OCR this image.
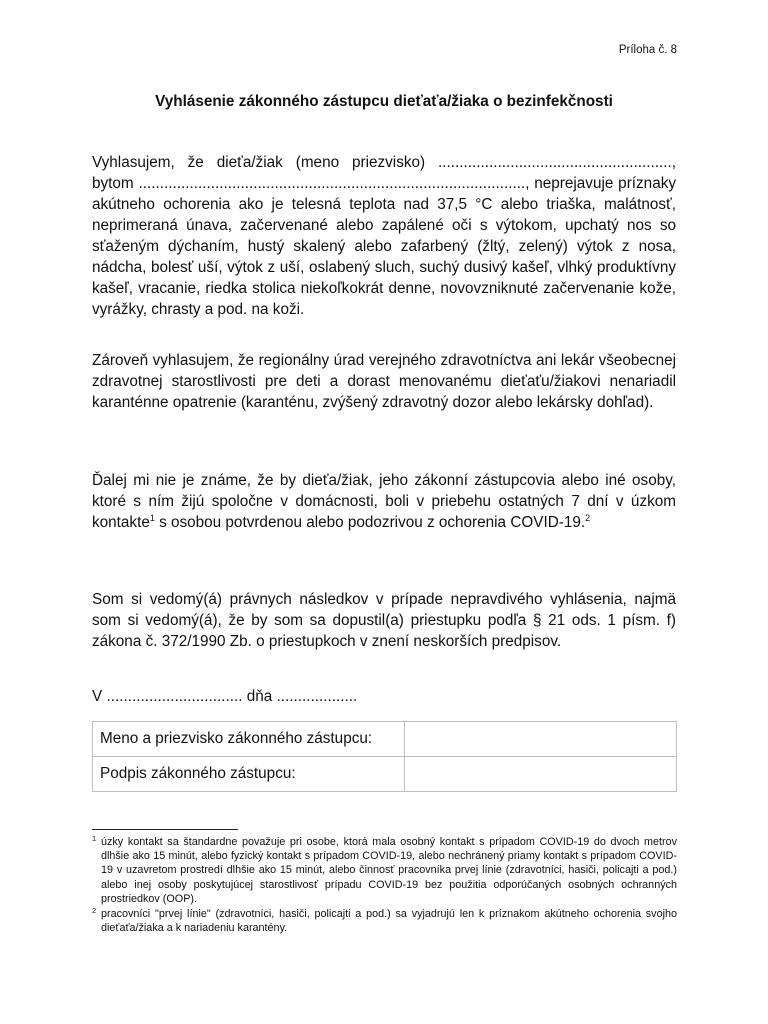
Príloha č. 8
Vyhlásenie zákonného zástupcu dieťaťa/žiaka o bezinfekčnosti

Vyhlasujem, že dieťa/žiak (meno priezvisko) ......................................................., bytom ..........................................................................................., neprejavuje príznaky akútneho ochorenia ako je telesná teplota nad 37,5 °C alebo triaška, malátnosť, neprimeraná únava, začervenané alebo zapálené oči s výtokom, upchatý nos so sťaženým dýchaním, hustý skalený alebo zafarbený (žltý, zelený) výtok z nosa, nádcha, bolesť uší, výtok z uší, oslabený sluch, suchý dusivý kašeľ, vlhký produktívny kašeľ, vracanie, riedka stolica niekoľkokrát denne, novovzniknuté začervenanie kože, vyrážky, chrasty a pod. na koži.

Zároveň vyhlasujem, že regionálny úrad verejného zdravotníctva ani lekár všeobecnej zdravotnej starostlivosti pre deti a dorast menovanému dieťaťu/žiakovi nenariadil karanténne opatrenie (karanténu, zvýšený zdravotný dozor alebo lekársky dohľad).

Ďalej mi nie je známe, že by dieťa/žiak, jeho zákonní zástupcovia alebo iné osoby, ktoré s ním žijú spoločne v domácnosti, boli v priebehu ostatných 7 dní v úzkom kontakte$^1$ s osobou potvrdenou alebo podozrivou z ochorenia COVID-19.$^2$

Som si vedomý(á) právnych následkov v prípade nepravdivého vyhlásenia, najmä som si vedomý(á), že by som sa dopustil(a) priestupku podľa § 21 ods. 1 písm. f) zákona č. 372/1990 Zb. o priestupkoch v znení neskorších predpisov.

V ................................ dňa ...................

Meno a priezvisko zákonného zástupcu:	
Podpis zákonného zástupcu:	
1 úzky kontakt sa štandardne považuje pri osobe, ktorá mala osobný kontakt s prípadom COVID-19 do dvoch metrov dlhšie ako 15 minút, alebo fyzický kontakt s prípadom COVID-19, alebo nechránený priamy kontakt s prípadom COVID-19 v uzavretom prostredí dlhšie ako 15 minút, alebo činnosť pracovníka prvej línie (zdravotníci, hasiči, policajti a pod.) alebo inej osoby poskytujúcej starostlivosť prípadu COVID-19 bez použitia odporúčaných osobných ochranných prostriedkov (OOP).
2 pracovníci "prvej línie" (zdravotníci, hasiči, policajti a pod.) sa vyjadrujú len k príznakom akútneho ochorenia svojho dieťaťa/žiaka a k nariadeniu karantény.
